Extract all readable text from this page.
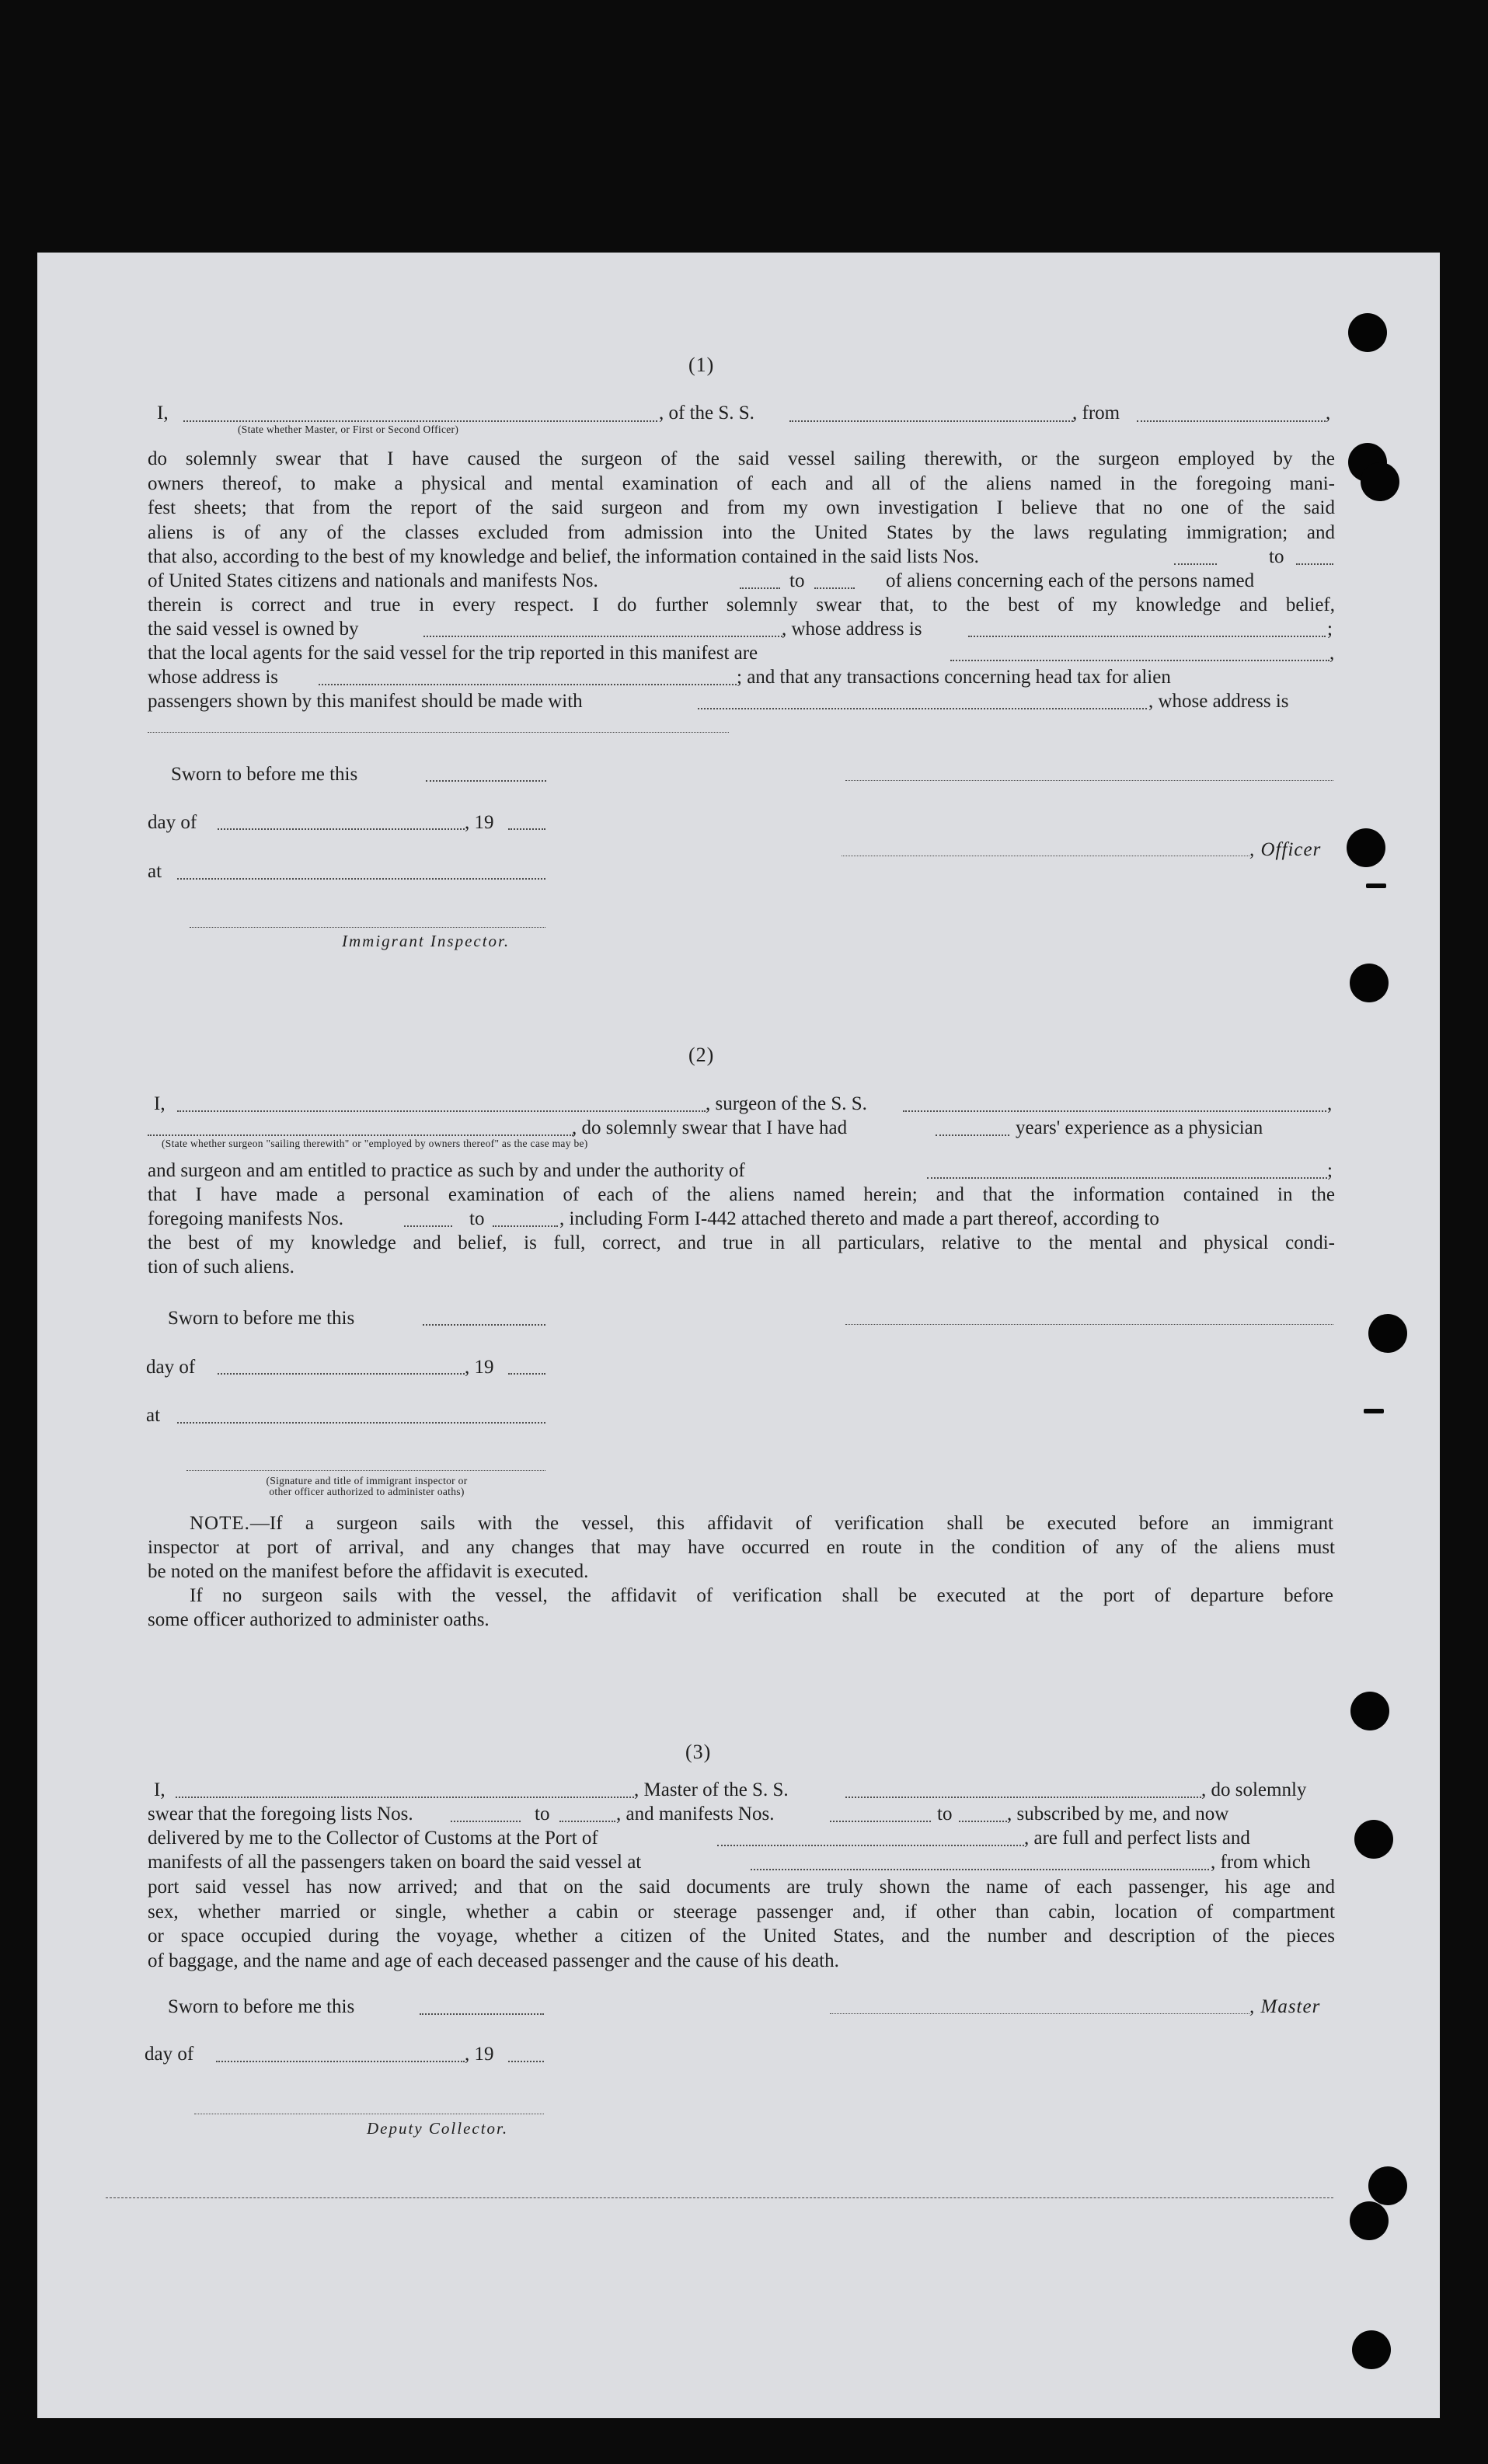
(1)
I,	, of the S. S.	, from	,
(State whether Master, or First or Second Officer)
do solemnly swear that I have caused the surgeon of the said vessel sailing therewith, or the surgeon employed by the
owners thereof, to make a physical and mental examination of each and all of the aliens named in the foregoing mani-
fest sheets; that from the report of the said surgeon and from my own investigation I believe that no one of the said
aliens is of any of the classes excluded from admission into the United States by the laws regulating immigration; and
that also, according to the best of my knowledge and belief, the information contained in the said lists Nos.	to
of United States citizens and nationals and manifests Nos.	to	of aliens concerning each of the persons named
therein is correct and true in every respect. I do further solemnly swear that, to the best of my knowledge and belief,
the said vessel is owned by	, whose address is	;
that the local agents for the said vessel for the trip reported in this manifest are	,
whose address is	; and that any transactions concerning head tax for alien
passengers shown by this manifest should be made with	, whose address is
Sworn to before me this
day of	, 19
, Officer
at
Immigrant Inspector.
(2)
I,	, surgeon of the S. S.	,
, do solemnly swear that I have had	years' experience as a physician
(State whether surgeon "sailing therewith" or "employed by owners thereof" as the case may be)
and surgeon and am entitled to practice as such by and under the authority of	;
that I have made a personal examination of each of the aliens named herein; and that the information contained in the
foregoing manifests Nos.	to	, including Form I-442 attached thereto and made a part thereof, according to
the best of my knowledge and belief, is full, correct, and true in all particulars, relative to the mental and physical condi-
tion of such aliens.
Sworn to before me this
day of	, 19
at
(Signature and title of immigrant inspector or
other officer authorized to administer oaths)
NOTE.—If a surgeon sails with the vessel, this affidavit of verification shall be executed before an immigrant
inspector at port of arrival, and any changes that may have occurred en route in the condition of any of the aliens must
be noted on the manifest before the affidavit is executed.
If no surgeon sails with the vessel, the affidavit of verification shall be executed at the port of departure before
some officer authorized to administer oaths.
(3)
I,	, Master of the S. S.	, do solemnly
swear that the foregoing lists Nos.	to	, and manifests Nos.	to	, subscribed by me, and now
delivered by me to the Collector of Customs at the Port of	, are full and perfect lists and
manifests of all the passengers taken on board the said vessel at	, from which
port said vessel has now arrived; and that on the said documents are truly shown the name of each passenger, his age and
sex, whether married or single, whether a cabin or steerage passenger and, if other than cabin, location of compartment
or space occupied during the voyage, whether a citizen of the United States, and the number and description of the pieces
of baggage, and the name and age of each deceased passenger and the cause of his death.
Sworn to before me this	, Master
day of	, 19
Deputy Collector.
